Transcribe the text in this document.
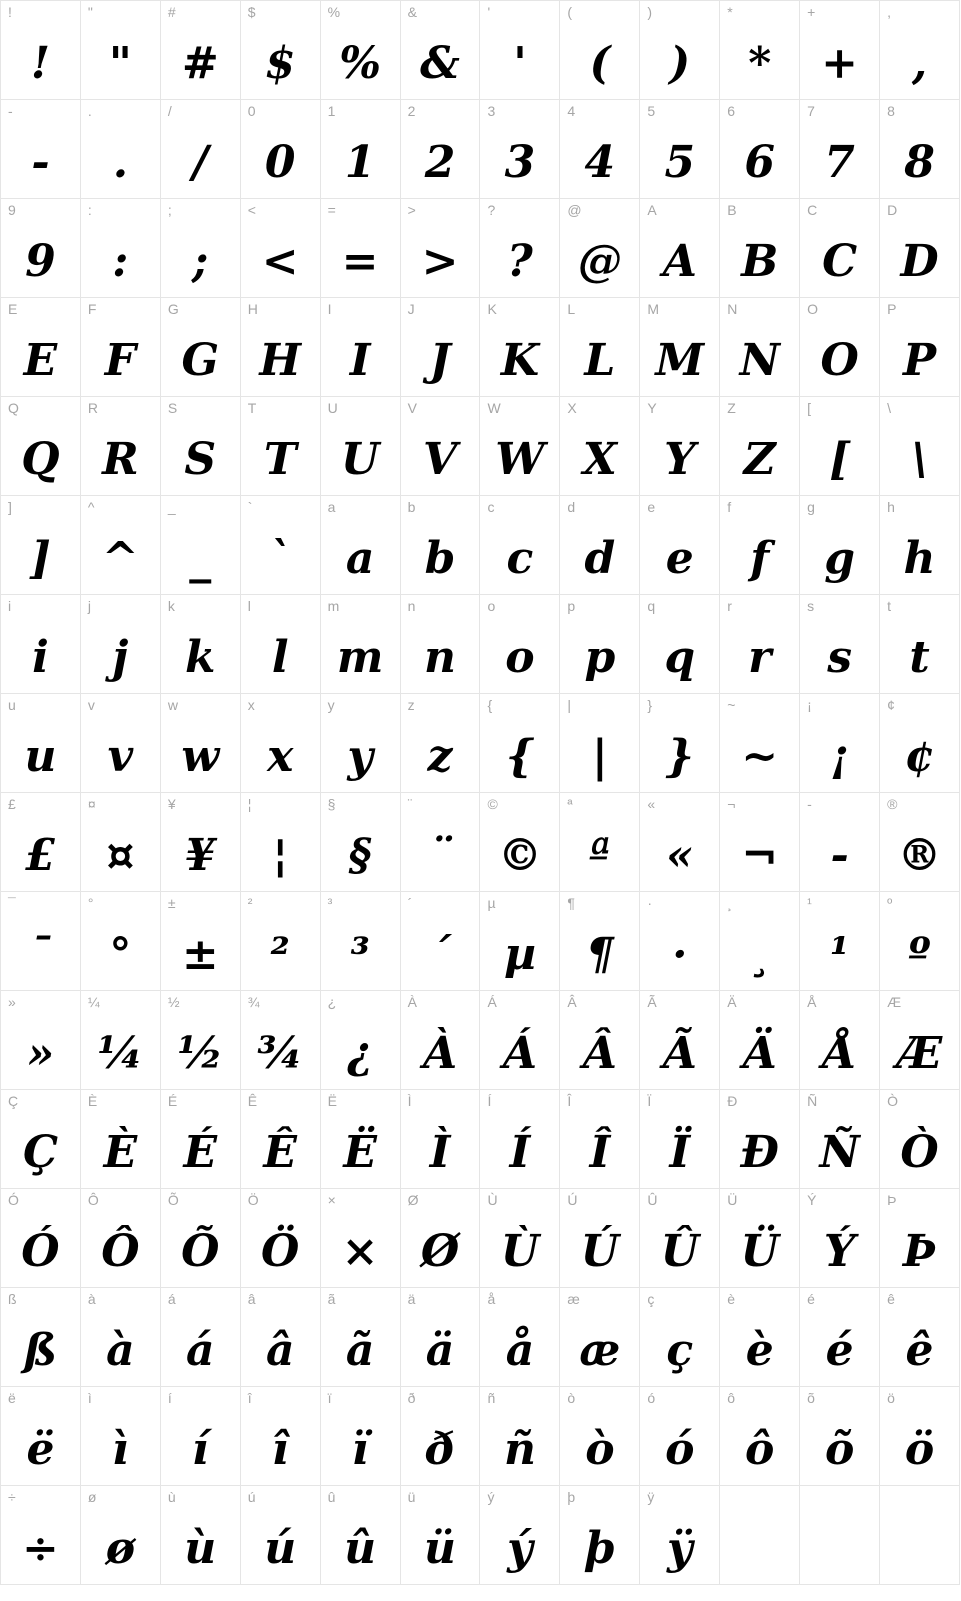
!
!
"
"
#
#
$
$
%
%
&
&
'
'
(
(
)
)
*
*
+
+
,
,
-
-
.
.
/
/
0
0
1
1
2
2
3
3
4
4
5
5
6
6
7
7
8
8
9
9
:
:
;
;
<
<
=
=
>
>
?
?
@
@
A
A
B
B
C
C
D
D
E
E
F
F
G
G
H
H
I
I
J
J
K
K
L
L
M
M
N
N
O
O
P
P
Q
Q
R
R
S
S
T
T
U
U
V
V
W
W
X
X
Y
Y
Z
Z
[
[
\
\
]
]
^
^
_
_
`
`
a
a
b
b
c
c
d
d
e
e
f
f
g
g
h
h
i
i
j
j
k
k
l
l
m
m
n
n
o
o
p
p
q
q
r
r
s
s
t
t
u
u
v
v
w
w
x
x
y
y
z
z
{
{
|
|
}
}
~
~
¡
¡
¢
¢
£
£
¤
¤
¥
¥
¦
¦
§
§
¨
¨
©
©
ª
ª
«
«
¬
¬
-
-
®
®
¯
¯
°
°
±
±
²
²
³
³
´
´
µ
µ
¶
¶
·
·
¸
¸
¹
¹
º
º
»
»
¼
¼
½
½
¾
¾
¿
¿
À
À
Á
Á
Â
Â
Ã
Ã
Ä
Ä
Å
Å
Æ
Æ
Ç
Ç
È
È
É
É
Ê
Ê
Ë
Ë
Ì
Ì
Í
Í
Î
Î
Ï
Ï
Ð
Ð
Ñ
Ñ
Ò
Ò
Ó
Ó
Ô
Ô
Õ
Õ
Ö
Ö
×
×
Ø
Ø
Ù
Ù
Ú
Ú
Û
Û
Ü
Ü
Ý
Ý
Þ
Þ
ß
ß
à
à
á
á
â
â
ã
ã
ä
ä
å
å
æ
æ
ç
ç
è
è
é
é
ê
ê
ë
ë
ì
ì
í
í
î
î
ï
ï
ð
ð
ñ
ñ
ò
ò
ó
ó
ô
ô
õ
õ
ö
ö
÷
÷
ø
ø
ù
ù
ú
ú
û
û
ü
ü
ý
ý
þ
þ
ÿ
ÿ
